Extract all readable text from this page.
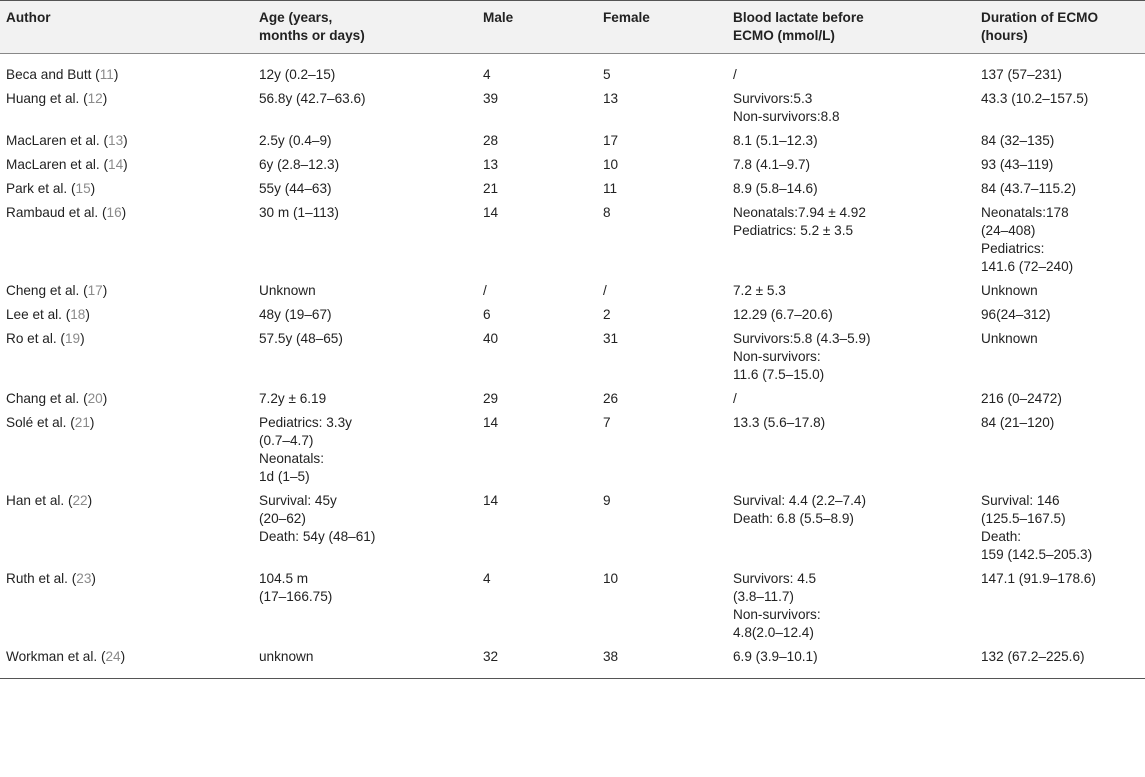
Author	Age (years,
months or days)	Male	Female	Blood lactate before
ECMO (mmol/L)	Duration of ECMO
(hours)

Beca and Butt (11)	12y (0.2–15)	4	5	/	137 (57–231)

Huang et al. (12)	56.8y (42.7–63.6)	39	13	Survivors:5.3
Non-survivors:8.8	43.3 (10.2–157.5)

MacLaren et al. (13)	2.5y (0.4–9)	28	17	8.1 (5.1–12.3)	84 (32–135)

MacLaren et al. (14)	6y (2.8–12.3)	13	10	7.8 (4.1–9.7)	93 (43–119)

Park et al. (15)	55y (44–63)	21	11	8.9 (5.8–14.6)	84 (43.7–115.2)

Rambaud et al. (16)	30 m (1–113)	14	8	Neonatals:7.94 ± 4.92
Pediatrics: 5.2 ± 3.5	Neonatals:178
(24–408)
Pediatrics:
141.6 (72–240)

Cheng et al. (17)	Unknown	/	/	7.2 ± 5.3	Unknown

Lee et al. (18)	48y (19–67)	6	2	12.29 (6.7–20.6)	96(24–312)

Ro et al. (19)	57.5y (48–65)	40	31	Survivors:5.8 (4.3–5.9)
Non-survivors:
11.6 (7.5–15.0)	Unknown

Chang et al. (20)	7.2y ± 6.19	29	26	/	216 (0–2472)

Solé et al. (21)	Pediatrics: 3.3y
(0.7–4.7)
Neonatals:
1d (1–5)	14	7	13.3 (5.6–17.8)	84 (21–120)

Han et al. (22)	Survival: 45y
(20–62)
Death: 54y (48–61)	14	9	Survival: 4.4 (2.2–7.4)
Death: 6.8 (5.5–8.9)	Survival: 146
(125.5–167.5)
Death:
159 (142.5–205.3)

Ruth et al. (23)	104.5 m
(17–166.75)	4	10	Survivors: 4.5
(3.8–11.7)
Non-survivors:
4.8(2.0–12.4)	147.1 (91.9–178.6)

Workman et al. (24)	unknown	32	38	6.9 (3.9–10.1)	132 (67.2–225.6)
